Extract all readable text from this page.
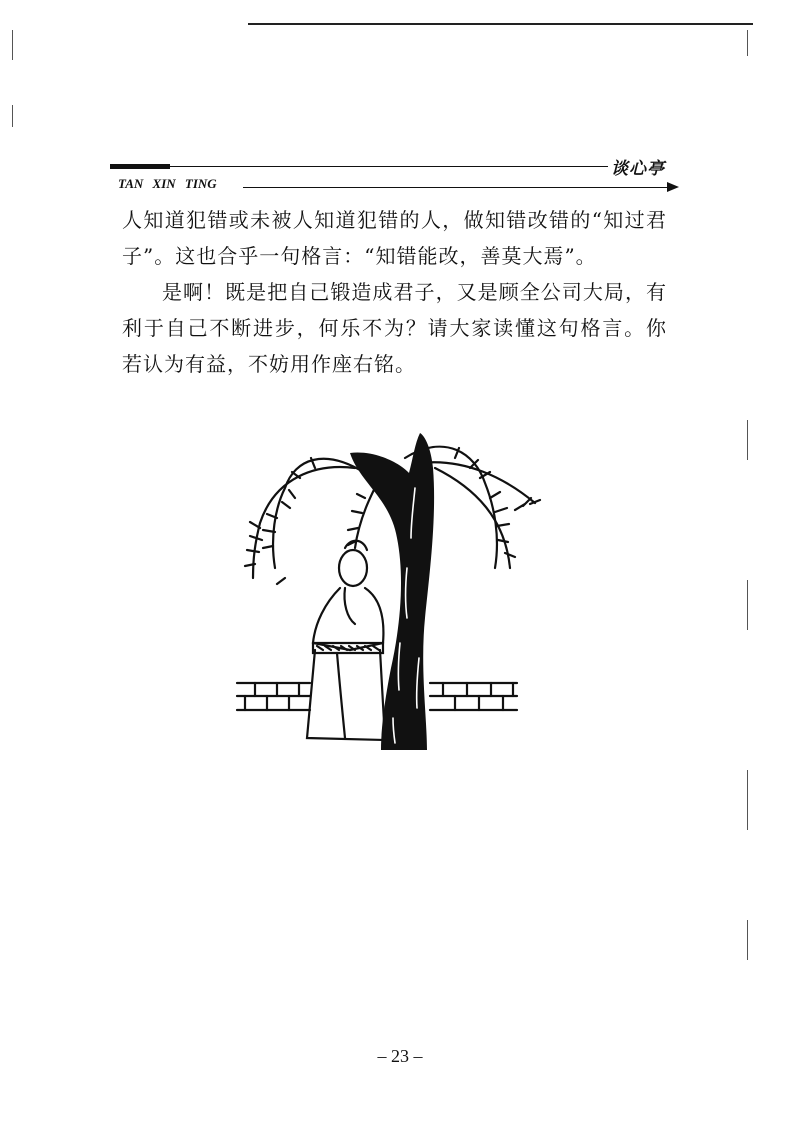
谈心亭
TAN XIN TING

人知道犯错或未被人知道犯错的人，做知错改错的“知过君子”。这也合乎一句格言：“知错能改，善莫大焉”。

是啊！既是把自己锻造成君子，又是顾全公司大局，有利于自己不断进步，何乐不为？请大家读懂这句格言。你若认为有益，不妨用作座右铭。

– 23 –
